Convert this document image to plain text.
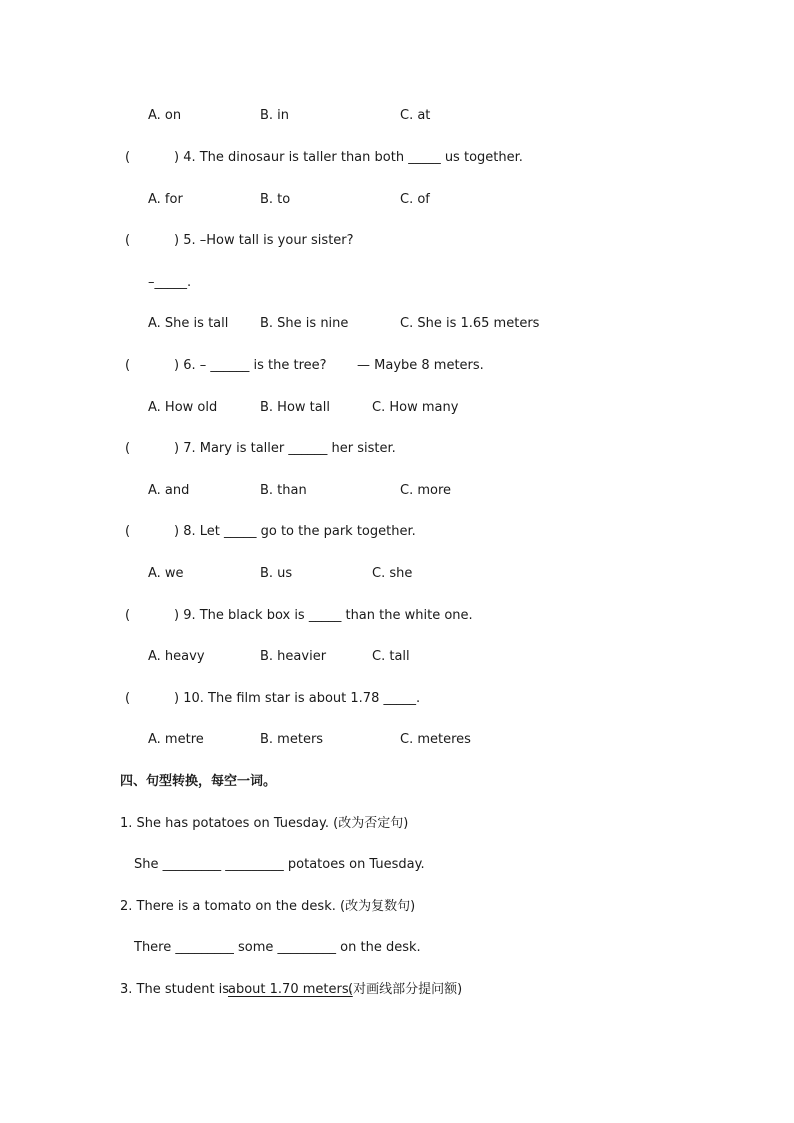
A. on	B. in	C. at
(	) 4. The dinosaur is taller than both _____ us together.
A. for	B. to	C. of
(	) 5. –How tall is your sister?
–_____.
A. She is tall B. She is nine	C. She is 1.65 meters
(	) 6. – ______ is the tree? — Maybe 8 meters.
A. How old	B. How tall	C. How many
(	) 7. Mary is taller ______ her sister.
A. and	B. than	C. more
(	) 8. Let _____ go to the park together.
A. we	B. us	C. she
(	) 9. The black box is _____ than the white one.
A. heavy	B. heavier	C. tall
(	) 10. The film star is about 1.78 _____.
A. metre	B. meters	C. meteres
四、句型转换，每空一词。
1. She has potatoes on Tuesday. (改为否定句)
She _________ _________ potatoes on Tuesday.
2. There is a tomato on the desk. (改为复数句)
There _________ some _________ on the desk.
3. The student is
about 1.70 meters.
(对画线部分提问额)
